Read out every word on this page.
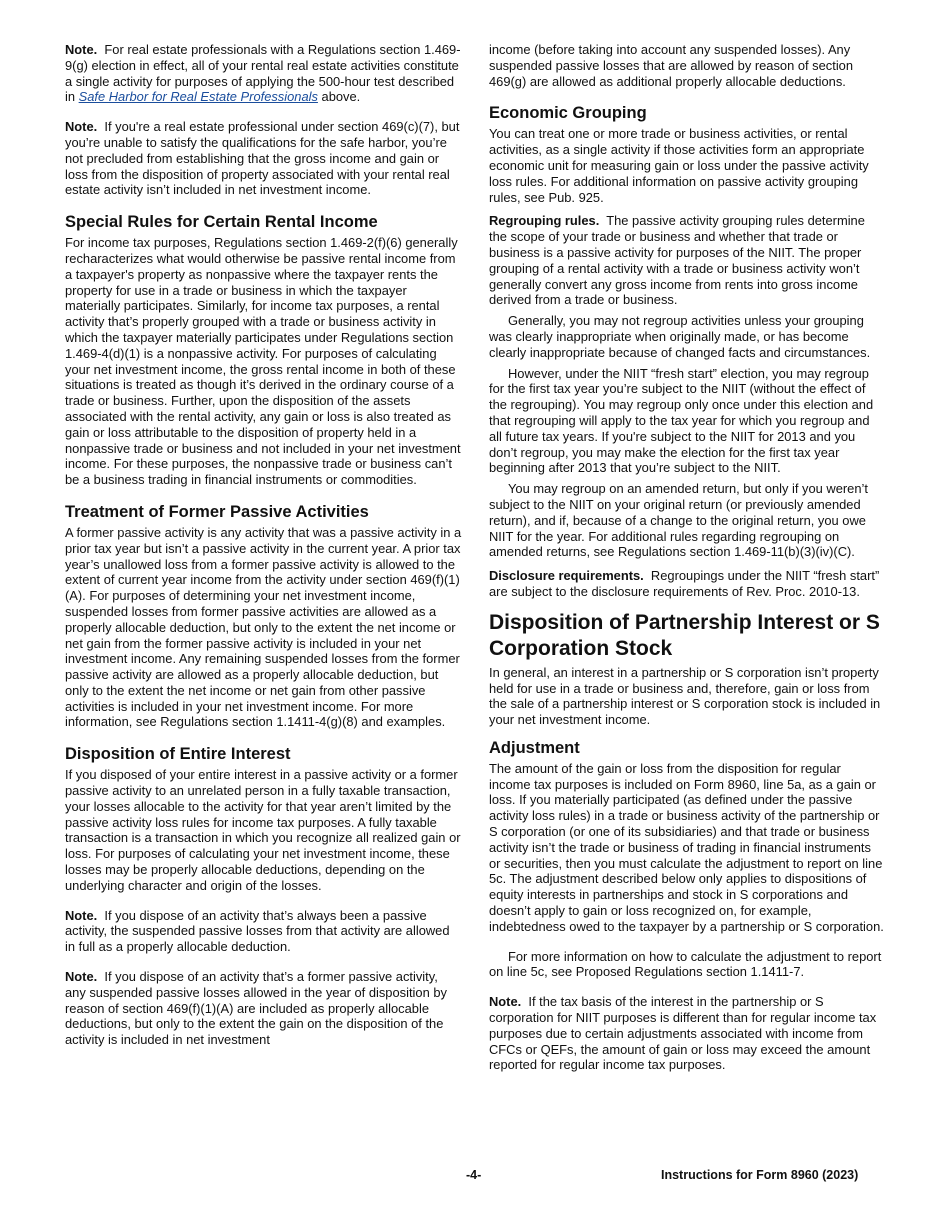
Note. For real estate professionals with a Regulations section 1.469-9(g) election in effect, all of your rental real estate activities constitute a single activity for purposes of applying the 500-hour test described in Safe Harbor for Real Estate Professionals above.

Note. If you're a real estate professional under section 469(c)(7), but you’re unable to satisfy the qualifications for the safe harbor, you’re not precluded from establishing that the gross income and gain or loss from the disposition of property associated with your rental real estate activity isn’t included in net investment income.

Special Rules for Certain Rental Income

For income tax purposes, Regulations section 1.469-2(f)(6) generally recharacterizes what would otherwise be passive rental income from a taxpayer's property as nonpassive where the taxpayer rents the property for use in a trade or business in which the taxpayer materially participates. Similarly, for income tax purposes, a rental activity that’s properly grouped with a trade or business activity in which the taxpayer materially participates under Regulations section 1.469-4(d)(1) is a nonpassive activity. For purposes of calculating your net investment income, the gross rental income in both of these situations is treated as though it’s derived in the ordinary course of a trade or business. Further, upon the disposition of the assets associated with the rental activity, any gain or loss is also treated as gain or loss attributable to the disposition of property held in a nonpassive trade or business and not included in your net investment income. For these purposes, the nonpassive trade or business can’t be a business trading in financial instruments or commodities.

Treatment of Former Passive Activities

A former passive activity is any activity that was a passive activity in a prior tax year but isn’t a passive activity in the current year. A prior tax year’s unallowed loss from a former passive activity is allowed to the extent of current year income from the activity under section 469(f)(1)(A). For purposes of determining your net investment income, suspended losses from former passive activities are allowed as a properly allocable deduction, but only to the extent the net income or net gain from the former passive activity is included in your net investment income. Any remaining suspended losses from the former passive activity are allowed as a properly allocable deduction, but only to the extent the net income or net gain from other passive activities is included in your net investment income. For more information, see Regulations section 1.1411-4(g)(8) and examples.

Disposition of Entire Interest

If you disposed of your entire interest in a passive activity or a former passive activity to an unrelated person in a fully taxable transaction, your losses allocable to the activity for that year aren’t limited by the passive activity loss rules for income tax purposes. A fully taxable transaction is a transaction in which you recognize all realized gain or loss. For purposes of calculating your net investment income, these losses may be properly allocable deductions, depending on the underlying character and origin of the losses.

Note. If you dispose of an activity that’s always been a passive activity, the suspended passive losses from that activity are allowed in full as a properly allocable deduction.

Note. If you dispose of an activity that’s a former passive activity, any suspended passive losses allowed in the year of disposition by reason of section 469(f)(1)(A) are included as properly allocable deductions, but only to the extent the gain on the disposition of the activity is included in net investment

income (before taking into account any suspended losses). Any suspended passive losses that are allowed by reason of section 469(g) are allowed as additional properly allocable deductions.

Economic Grouping

You can treat one or more trade or business activities, or rental activities, as a single activity if those activities form an appropriate economic unit for measuring gain or loss under the passive activity loss rules. For additional information on passive activity grouping rules, see Pub. 925.

Regrouping rules. The passive activity grouping rules determine the scope of your trade or business and whether that trade or business is a passive activity for purposes of the NIIT. The proper grouping of a rental activity with a trade or business activity won’t generally convert any gross income from rents into gross income derived from a trade or business.

Generally, you may not regroup activities unless your grouping was clearly inappropriate when originally made, or has become clearly inappropriate because of changed facts and circumstances.

However, under the NIIT “fresh start” election, you may regroup for the first tax year you’re subject to the NIIT (without the effect of the regrouping). You may regroup only once under this election and that regrouping will apply to the tax year for which you regroup and all future tax years. If you're subject to the NIIT for 2013 and you don’t regroup, you may make the election for the first tax year beginning after 2013 that you’re subject to the NIIT.

You may regroup on an amended return, but only if you weren’t subject to the NIIT on your original return (or previously amended return), and if, because of a change to the original return, you owe NIIT for the year. For additional rules regarding regrouping on amended returns, see Regulations section 1.469-11(b)(3)(iv)(C).

Disclosure requirements. Regroupings under the NIIT “fresh start” are subject to the disclosure requirements of Rev. Proc. 2010-13.

Disposition of Partnership Interest or S Corporation Stock

In general, an interest in a partnership or S corporation isn’t property held for use in a trade or business and, therefore, gain or loss from the sale of a partnership interest or S corporation stock is included in your net investment income.

Adjustment

The amount of the gain or loss from the disposition for regular income tax purposes is included on Form 8960, line 5a, as a gain or loss. If you materially participated (as defined under the passive activity loss rules) in a trade or business activity of the partnership or S corporation (or one of its subsidiaries) and that trade or business activity isn’t the trade or business of trading in financial instruments or securities, then you must calculate the adjustment to report on line 5c. The adjustment described below only applies to dispositions of equity interests in partnerships and stock in S corporations and doesn’t apply to gain or loss recognized on, for example, indebtedness owed to the taxpayer by a partnership or S corporation.

For more information on how to calculate the adjustment to report on line 5c, see Proposed Regulations section 1.1411-7.

Note. If the tax basis of the interest in the partnership or S corporation for NIIT purposes is different than for regular income tax purposes due to certain adjustments associated with income from CFCs or QEFs, the amount of gain or loss may exceed the amount reported for regular income tax purposes.

-4-	Instructions for Form 8960 (2023)
